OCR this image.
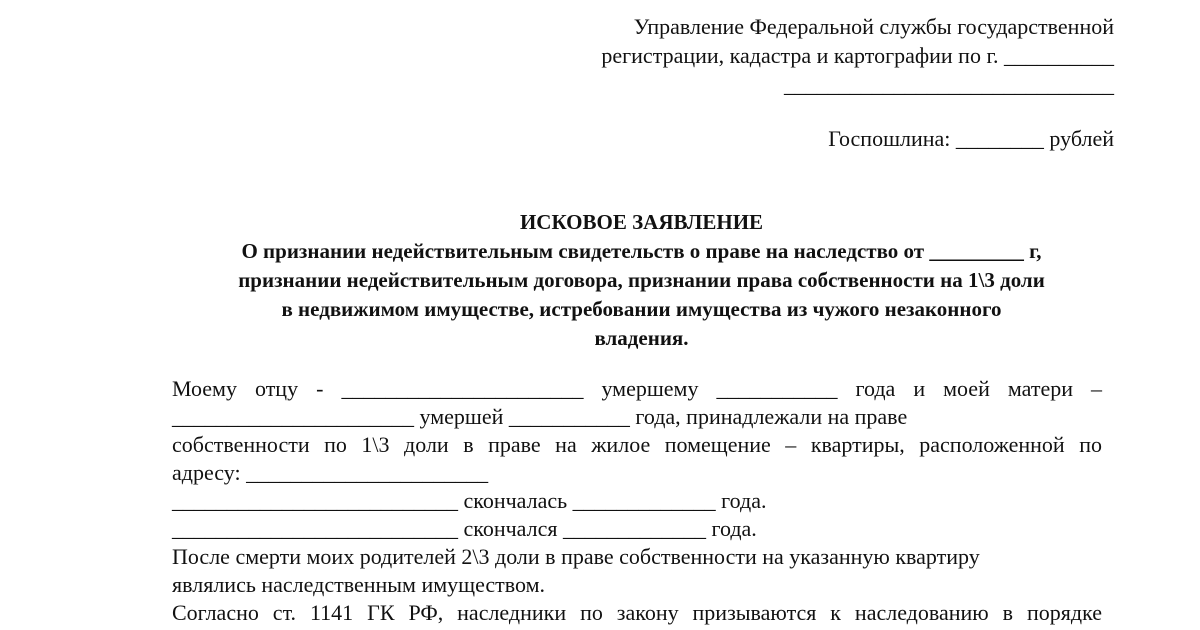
Управление Федеральной службы государственной
регистрации, кадастра и картографии по г. __________
______________________________
Госпошлина: ________ рублей
ИСКОВОЕ ЗАЯВЛЕНИЕ
О признании недействительным свидетельств о праве на наследство от _________ г,
признании недействительным договора, признании права собственности на 1\3 доли
в недвижимом имуществе, истребовании имущества из чужого незаконного
владения.
Моему отцу - ______________________ умершему ___________ года и моей матери –
______________________ умершей ___________ года, принадлежали на праве
собственности по 1\3 доли в праве на жилое помещение – квартиры, расположенной по
адресу: ______________________
__________________________ скончалась _____________ года.
__________________________ скончался _____________ года.
После смерти моих родителей 2\3 доли в праве собственности на указанную квартиру
являлись наследственным имуществом.
Согласно ст. 1141 ГК РФ, наследники по закону призываются к наследованию в порядке
